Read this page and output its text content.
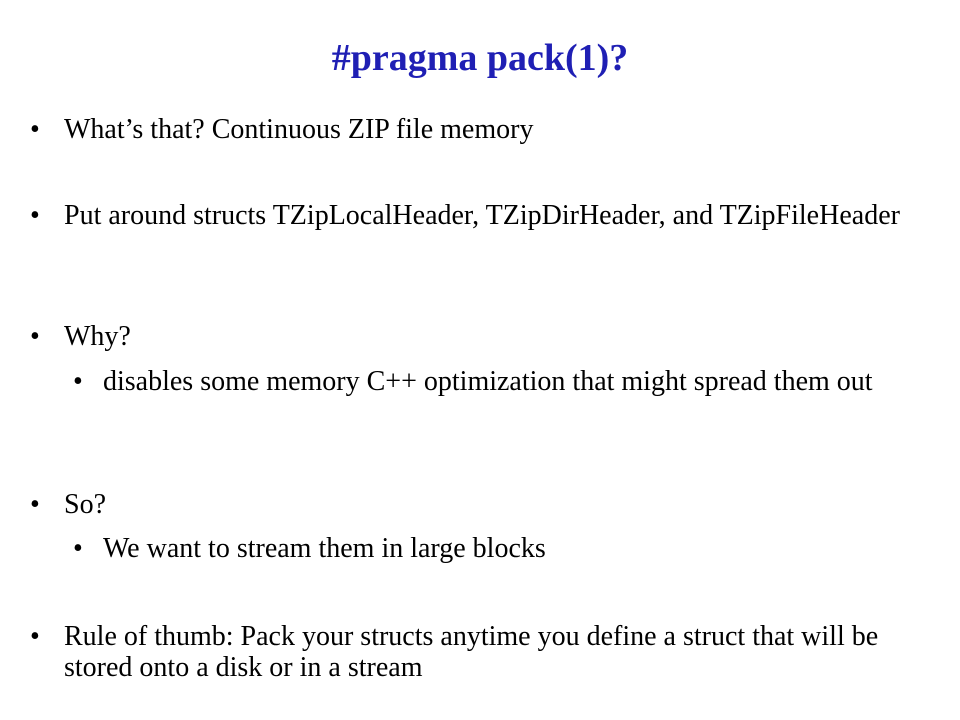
#pragma pack(1)?
• What’s that? Continuous ZIP file memory
• Put around structs TZipLocalHeader, TZipDirHeader, and TZipFileHeader
• Why?
• disables some memory C++ optimization that might spread them out
• So?
• We want to stream them in large blocks
• Rule of thumb: Pack your structs anytime you define a struct that will be stored onto a disk or in a stream
